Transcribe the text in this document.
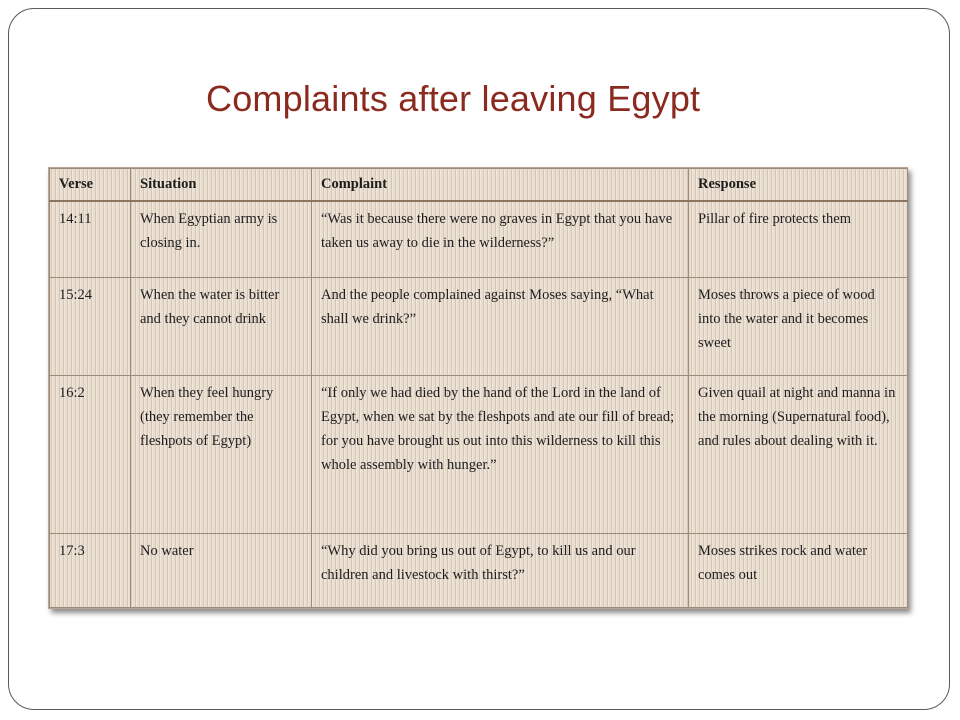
Complaints after leaving Egypt
Verse	Situation	Complaint	Response
14:11	When Egyptian army is closing in.	“Was it because there were no graves in Egypt that you have taken us away to die in the wilderness?”	Pillar of fire protects them
15:24	When the water is bitter and they cannot drink	And the people complained against Moses saying, “What shall we drink?”	Moses throws a piece of wood into the water and it becomes sweet
16:2	When they feel hungry (they remember the fleshpots of Egypt)	“If only we had died by the hand of the Lord in the land of Egypt, when we sat by the fleshpots and ate our fill of bread; for you have brought us out into this wilderness to kill this whole assembly with hunger.”	Given quail at night and manna in the morning (Supernatural food), and rules about dealing with it.
17:3	No water	“Why did you bring us out of Egypt, to kill us and our children and livestock with thirst?”	Moses strikes rock and water comes out
